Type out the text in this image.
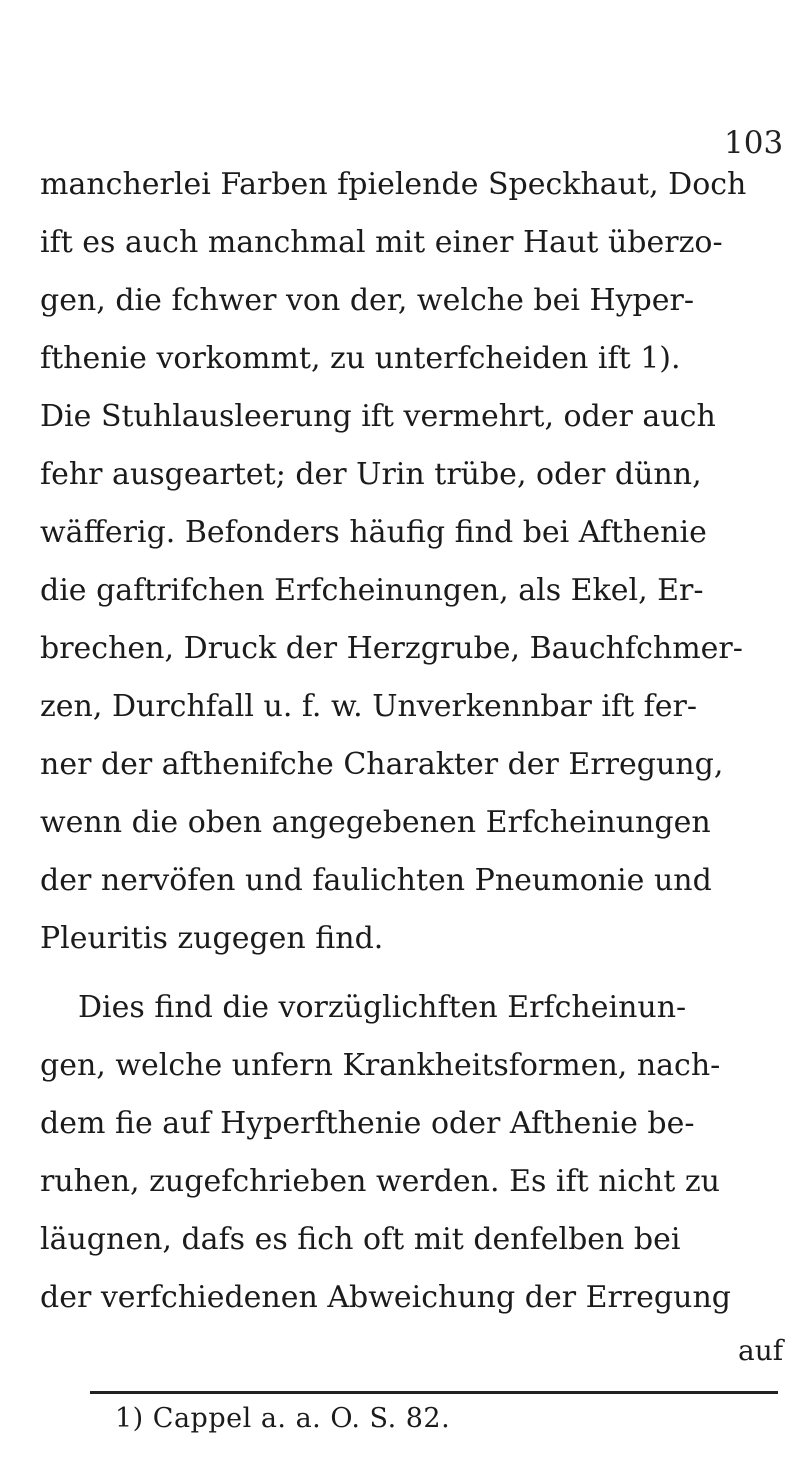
103
mancherlei Farben fpielende Speckhaut, Doch
ift es auch manchmal mit einer Haut überzo-
gen, die fchwer von der, welche bei Hyper-
fthenie vorkommt, zu unterfcheiden ift 1).
Die Stuhlausleerung ift vermehrt, oder auch
fehr ausgeartet; der Urin trübe, oder dünn,
wäfferig. Befonders häufig find bei Afthenie
die gaftrifchen Erfcheinungen, als Ekel, Er-
brechen, Druck der Herzgrube, Bauchfchmer-
zen, Durchfall u. f. w. Unverkennbar ift fer-
ner der afthenifche Charakter der Erregung,
wenn die oben angegebenen Erfcheinungen
der nervöfen und faulichten Pneumonie und
Pleuritis zugegen find.
Dies find die vorzüglichften Erfcheinun-
gen, welche unfern Krankheitsformen, nach-
dem fie auf Hyperfthenie oder Afthenie be-
ruhen, zugefchrieben werden. Es ift nicht zu
läugnen, dafs es fich oft mit denfelben bei
der verfchiedenen Abweichung der Erregung
auf
1) Cappel a. a. O. S. 82.
